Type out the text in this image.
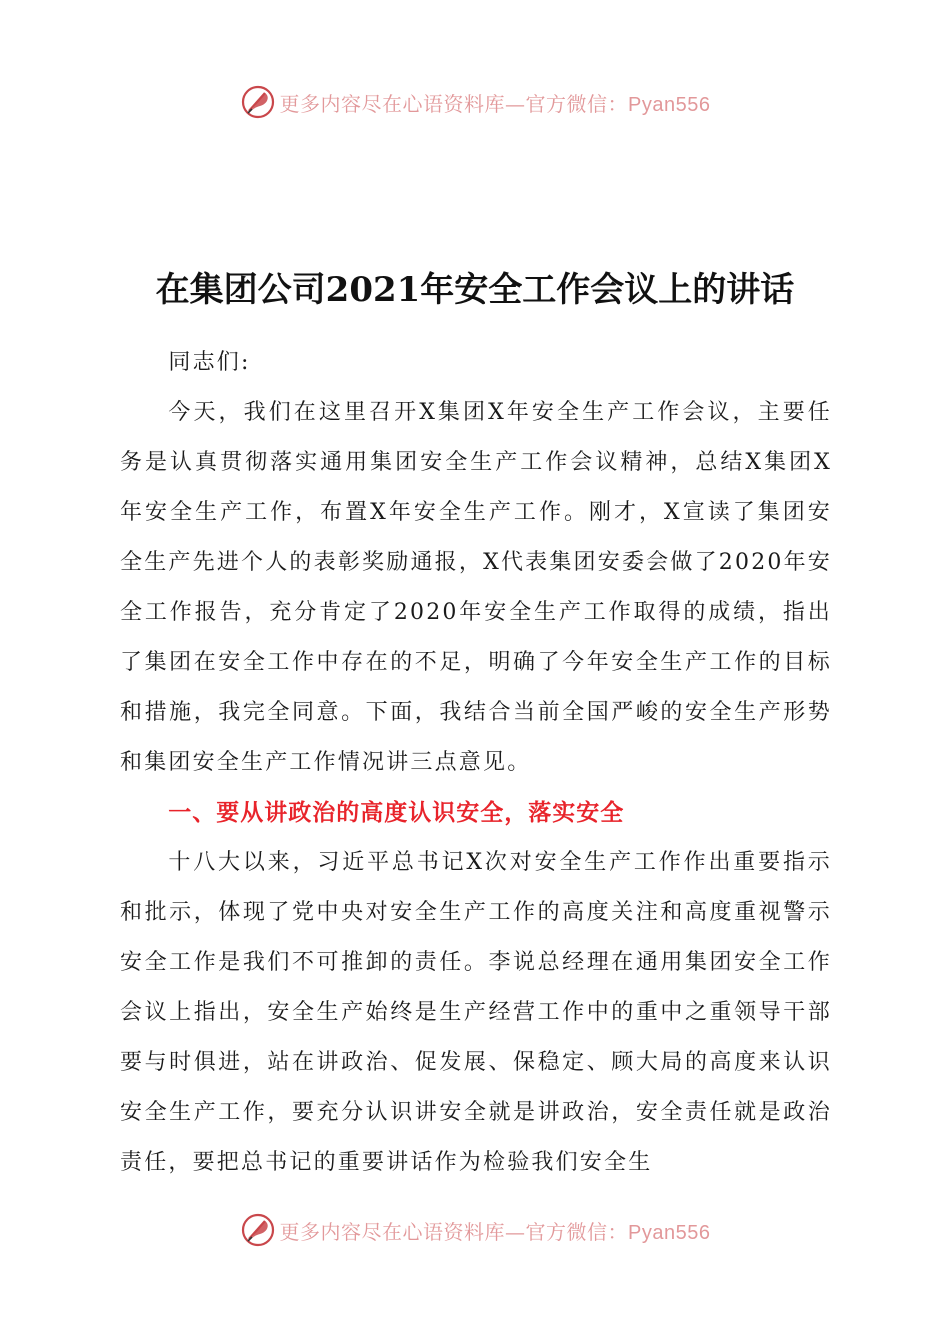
更多内容尽在心语资料库—官方微信：Pyan556
在集团公司2021年安全工作会议上的讲话

同志们:

今天，我们在这里召开X集团X年安全生产工作会议，主要任务是认真贯彻落实通用集团安全生产工作会议精神，总结X集团X年安全生产工作，布置X年安全生产工作。刚才，X宣读了集团安全生产先进个人的表彰奖励通报，X代表集团安委会做了2020年安全工作报告，充分肯定了2020年安全生产工作取得的成绩，指出了集团在安全工作中存在的不足，明确了今年安全生产工作的目标和措施，我完全同意。下面，我结合当前全国严峻的安全生产形势和集团安全生产工作情况讲三点意见。

一、要从讲政治的高度认识安全，落实安全

十八大以来，习近平总书记X次对安全生产工作作出重要指示和批示，体现了党中央对安全生产工作的高度关注和高度重视警示安全工作是我们不可推卸的责任。李说总经理在通用集团安全工作会议上指出，安全生产始终是生产经营工作中的重中之重领导干部要与时俱进，站在讲政治、促发展、保稳定、顾大局的高度来认识安全生产工作，要充分认识讲安全就是讲政治，安全责任就是政治责任，要把总书记的重要讲话作为检验我们安全生

更多内容尽在心语资料库—官方微信：Pyan556
